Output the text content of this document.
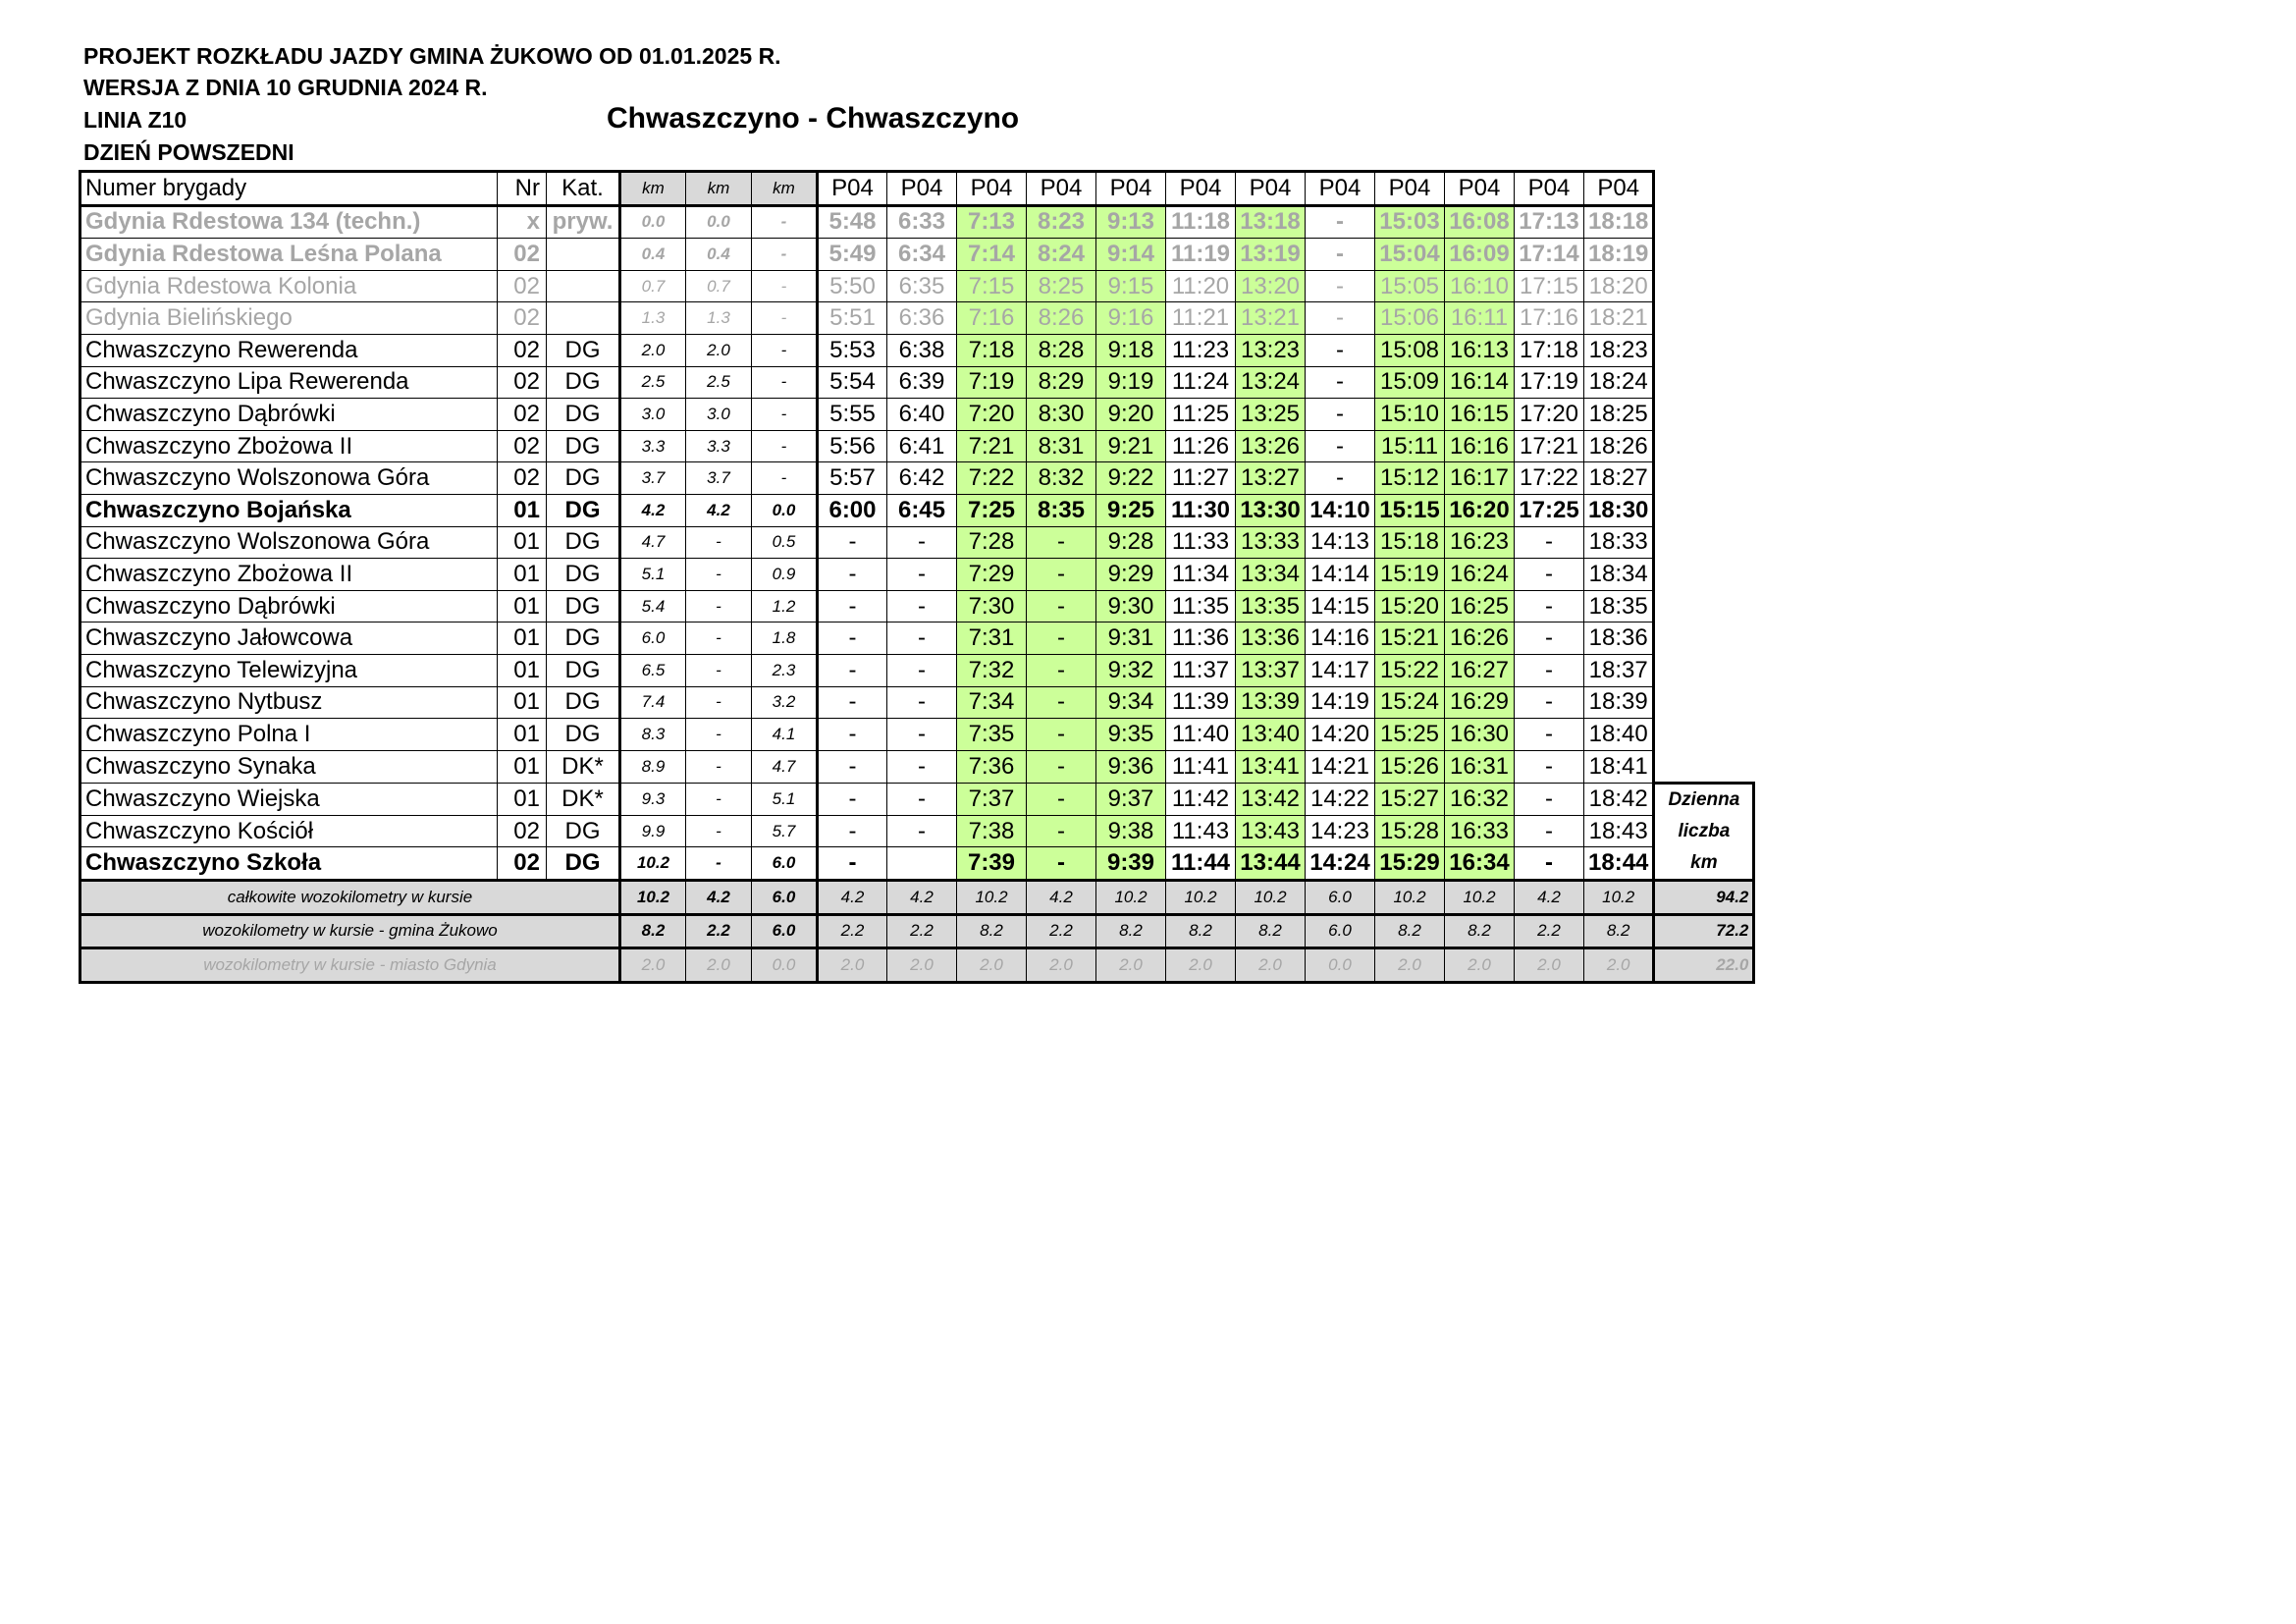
PROJEKT ROZKŁADU JAZDY GMINA ŻUKOWO OD 01.01.2025 R.
WERSJA Z DNIA 10 GRUDNIA 2024 R.
LINIA Z10
DZIEŃ POWSZEDNI
Chwaszczyno - Chwaszczyno
Numer brygady	Nr	Kat.	km	km	km	P04	P04	P04	P04	P04	P04	P04	P04	P04	P04	P04	P04	
Gdynia Rdestowa 134 (techn.)	x	pryw.	0.0	0.0	-	5:48	6:33	7:13	8:23	9:13	11:18	13:18	-	15:03	16:08	17:13	18:18	
Gdynia Rdestowa Leśna Polana	02		0.4	0.4	-	5:49	6:34	7:14	8:24	9:14	11:19	13:19	-	15:04	16:09	17:14	18:19	
Gdynia Rdestowa Kolonia	02		0.7	0.7	-	5:50	6:35	7:15	8:25	9:15	11:20	13:20	-	15:05	16:10	17:15	18:20	
Gdynia Bielińskiego	02		1.3	1.3	-	5:51	6:36	7:16	8:26	9:16	11:21	13:21	-	15:06	16:11	17:16	18:21	
Chwaszczyno Rewerenda	02	DG	2.0	2.0	-	5:53	6:38	7:18	8:28	9:18	11:23	13:23	-	15:08	16:13	17:18	18:23	
Chwaszczyno Lipa Rewerenda	02	DG	2.5	2.5	-	5:54	6:39	7:19	8:29	9:19	11:24	13:24	-	15:09	16:14	17:19	18:24	
Chwaszczyno Dąbrówki	02	DG	3.0	3.0	-	5:55	6:40	7:20	8:30	9:20	11:25	13:25	-	15:10	16:15	17:20	18:25	
Chwaszczyno Zbożowa II	02	DG	3.3	3.3	-	5:56	6:41	7:21	8:31	9:21	11:26	13:26	-	15:11	16:16	17:21	18:26	
Chwaszczyno Wolszonowa Góra	02	DG	3.7	3.7	-	5:57	6:42	7:22	8:32	9:22	11:27	13:27	-	15:12	16:17	17:22	18:27	
Chwaszczyno Bojańska	01	DG	4.2	4.2	0.0	6:00	6:45	7:25	8:35	9:25	11:30	13:30	14:10	15:15	16:20	17:25	18:30	
Chwaszczyno Wolszonowa Góra	01	DG	4.7	-	0.5	-	-	7:28	-	9:28	11:33	13:33	14:13	15:18	16:23	-	18:33	
Chwaszczyno Zbożowa II	01	DG	5.1	-	0.9	-	-	7:29	-	9:29	11:34	13:34	14:14	15:19	16:24	-	18:34	
Chwaszczyno Dąbrówki	01	DG	5.4	-	1.2	-	-	7:30	-	9:30	11:35	13:35	14:15	15:20	16:25	-	18:35	
Chwaszczyno Jałowcowa	01	DG	6.0	-	1.8	-	-	7:31	-	9:31	11:36	13:36	14:16	15:21	16:26	-	18:36	
Chwaszczyno Telewizyjna	01	DG	6.5	-	2.3	-	-	7:32	-	9:32	11:37	13:37	14:17	15:22	16:27	-	18:37	
Chwaszczyno Nytbusz	01	DG	7.4	-	3.2	-	-	7:34	-	9:34	11:39	13:39	14:19	15:24	16:29	-	18:39	
Chwaszczyno Polna I	01	DG	8.3	-	4.1	-	-	7:35	-	9:35	11:40	13:40	14:20	15:25	16:30	-	18:40	
Chwaszczyno Synaka	01	DK*	8.9	-	4.7	-	-	7:36	-	9:36	11:41	13:41	14:21	15:26	16:31	-	18:41	
Chwaszczyno Wiejska	01	DK*	9.3	-	5.1	-	-	7:37	-	9:37	11:42	13:42	14:22	15:27	16:32	-	18:42	Dzienna
Chwaszczyno Kościół	02	DG	9.9	-	5.7	-	-	7:38	-	9:38	11:43	13:43	14:23	15:28	16:33	-	18:43	liczba
Chwaszczyno Szkoła	02	DG	10.2	-	6.0	-		7:39	-	9:39	11:44	13:44	14:24	15:29	16:34	-	18:44	km
całkowite wozokilometry w kursie			10.2	4.2	6.0	4.2	4.2	10.2	4.2	10.2	10.2	10.2	6.0	10.2	10.2	4.2	10.2	94.2
wozokilometry w kursie - gmina Żukowo			8.2	2.2	6.0	2.2	2.2	8.2	2.2	8.2	8.2	8.2	6.0	8.2	8.2	2.2	8.2	72.2
wozokilometry w kursie - miasto Gdynia			2.0	2.0	0.0	2.0	2.0	2.0	2.0	2.0	2.0	2.0	0.0	2.0	2.0	2.0	2.0	22.0
